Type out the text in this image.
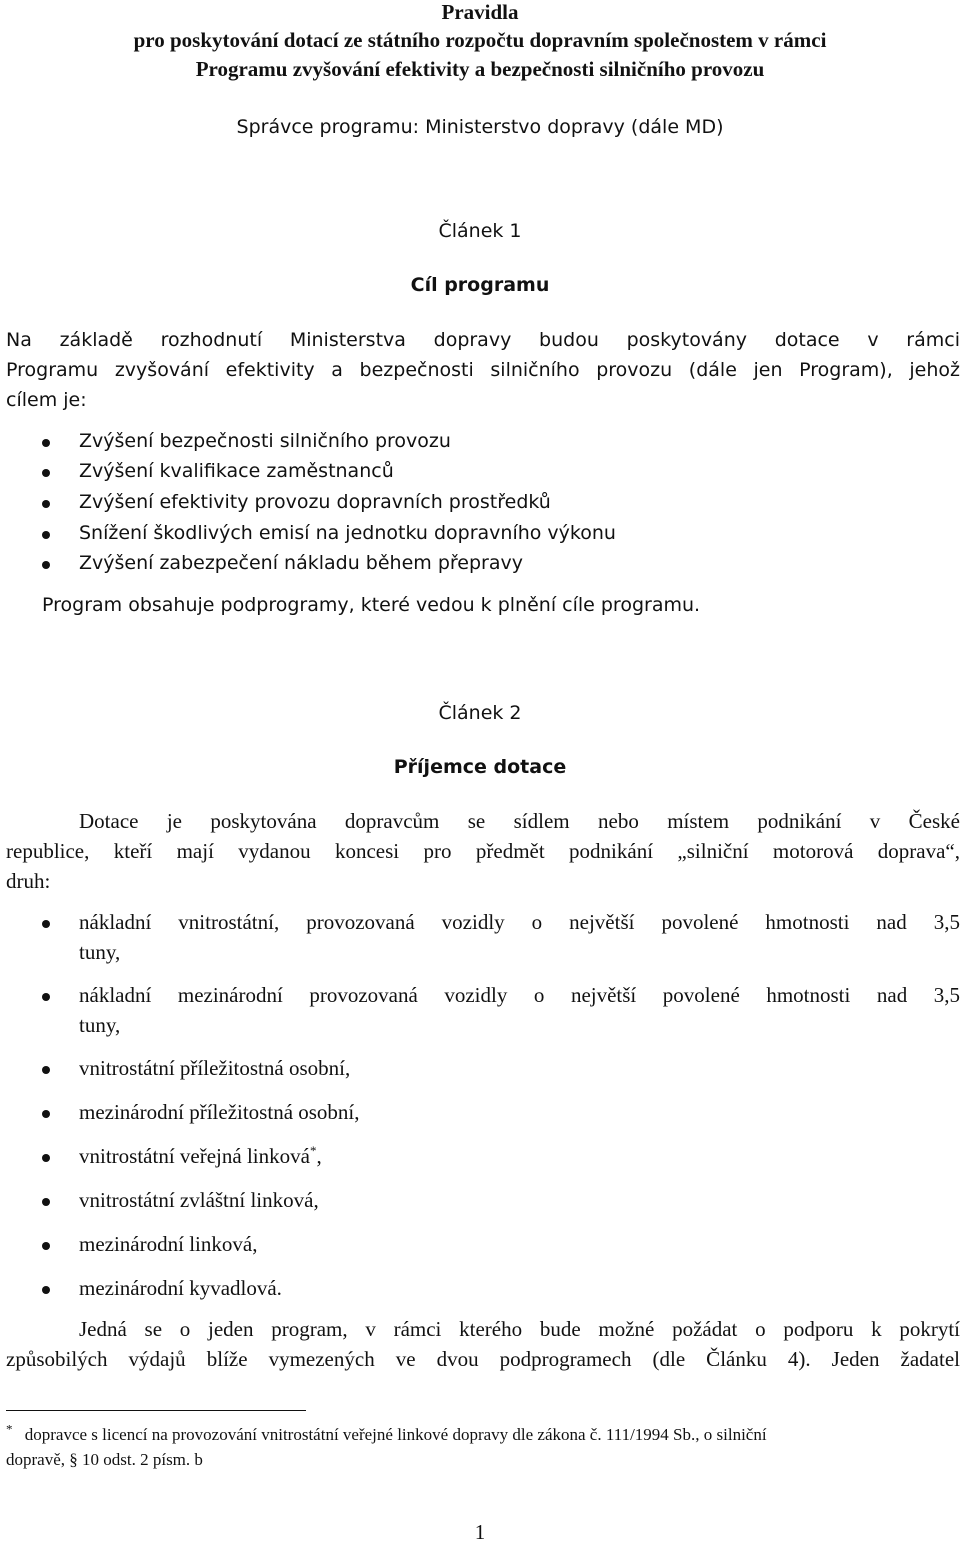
Pravidla
pro poskytování dotací ze státního rozpočtu dopravním společnostem v rámci
Programu zvyšování efektivity a bezpečnosti silničního provozu
Správce programu: Ministerstvo dopravy (dále MD)
Článek 1
Cíl programu
Na základě rozhodnutí Ministerstva dopravy budou poskytovány dotace v rámci
Programu zvyšování efektivity a bezpečnosti silničního provozu (dále jen Program), jehož
cílem je:
Zvýšení bezpečnosti silničního provozu
Zvýšení kvalifikace zaměstnanců
Zvýšení efektivity provozu dopravních prostředků
Snížení škodlivých emisí na jednotku dopravního výkonu
Zvýšení zabezpečení nákladu během přepravy
Program obsahuje podprogramy, které vedou k plnění cíle programu.
Článek 2
Příjemce dotace
Dotace je poskytována dopravcům se sídlem nebo místem podnikání v České
republice, kteří mají vydanou koncesi pro předmět podnikání „silniční motorová doprava“,
druh:
nákladní vnitrostátní, provozovaná vozidly o největší povolené hmotnosti nad 3,5
tuny,
nákladní mezinárodní provozovaná vozidly o největší povolené hmotnosti nad 3,5
tuny,
vnitrostátní příležitostná osobní,
mezinárodní příležitostná osobní,
vnitrostátní veřejná linková*,
vnitrostátní zvláštní linková,
mezinárodní linková,
mezinárodní kyvadlová.
Jedná se o jeden program, v rámci kterého bude možné požádat o podporu k pokrytí
způsobilých výdajů blíže vymezených ve dvou podprogramech (dle Článku 4). Jeden žadatel
* dopravce s licencí na provozování vnitrostátní veřejné linkové dopravy dle zákona č. 111/1994 Sb., o silniční
dopravě, § 10 odst. 2 písm. b
1
